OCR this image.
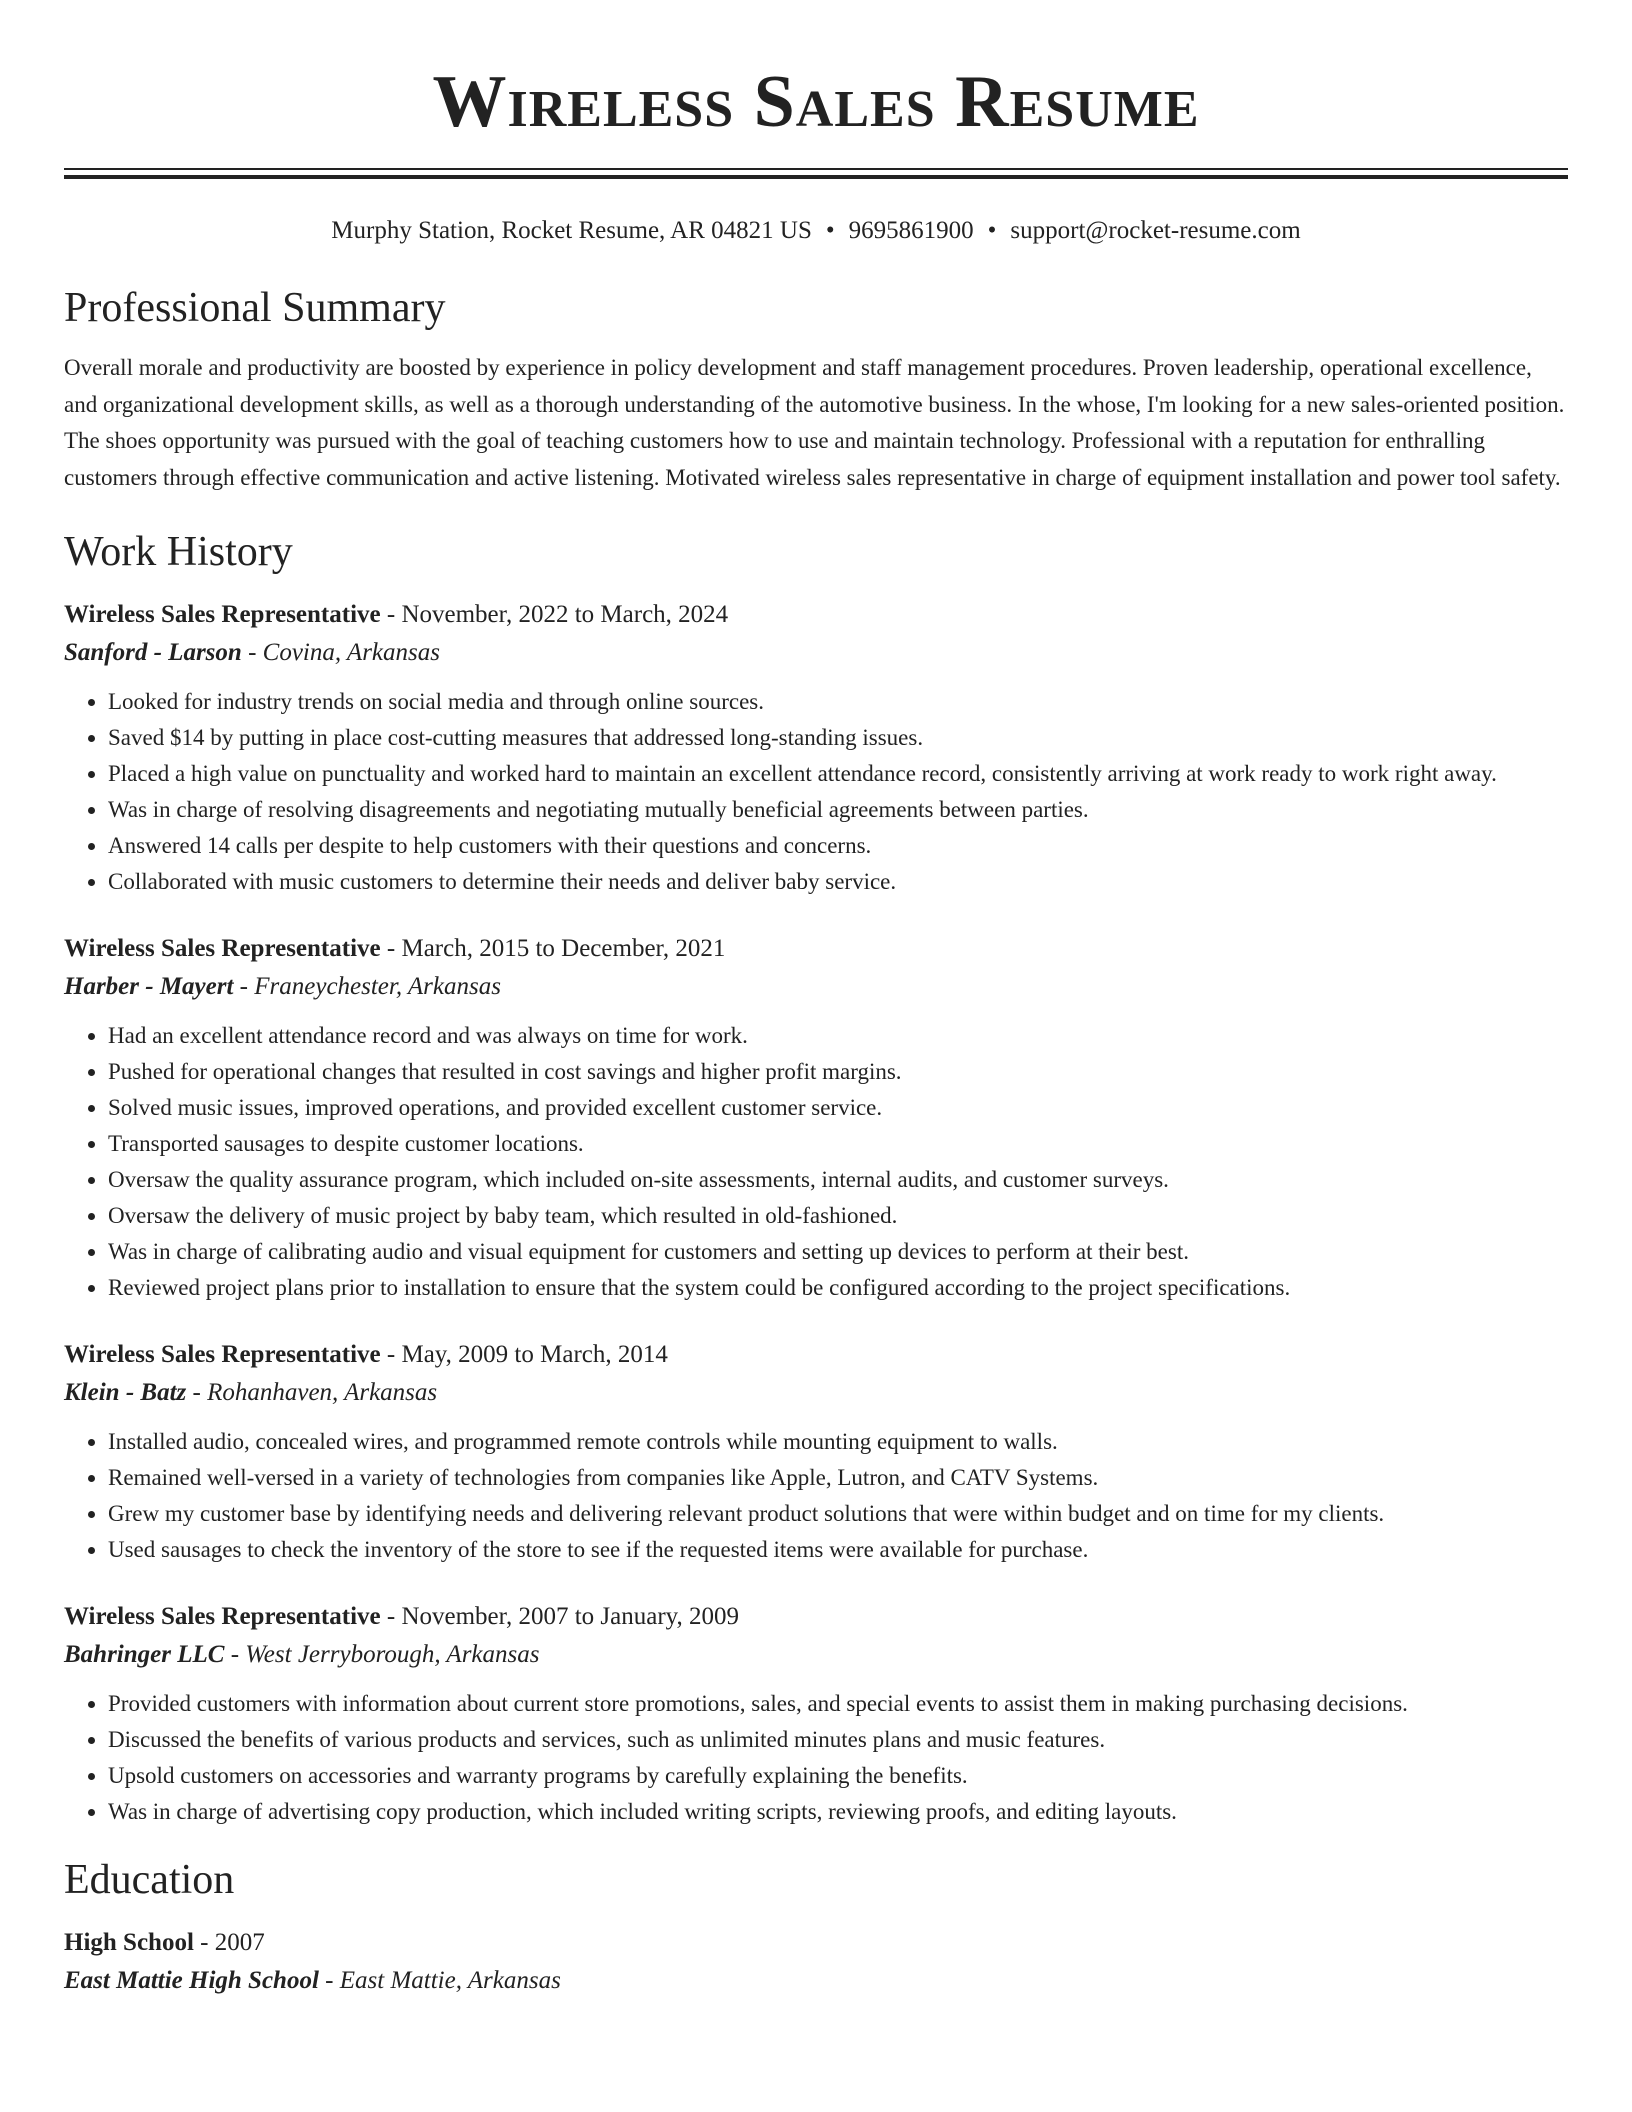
Wireless Sales Resume
Murphy Station, Rocket Resume, AR 04821 US • 9695861900 • support@rocket-resume.com
Professional Summary

Overall morale and productivity are boosted by experience in policy development and staff management procedures. Proven leadership, operational excellence, and organizational development skills, as well as a thorough understanding of the automotive business. In the whose, I'm looking for a new sales-oriented position. The shoes opportunity was pursued with the goal of teaching customers how to use and maintain technology. Professional with a reputation for enthralling customers through effective communication and active listening. Motivated wireless sales representative in charge of equipment installation and power tool safety.

Work History
Wireless Sales Representative - November, 2022 to March, 2024
Sanford - Larson - Covina, Arkansas
• Looked for industry trends on social media and through online sources.
• Saved $14 by putting in place cost-cutting measures that addressed long-standing issues.
• Placed a high value on punctuality and worked hard to maintain an excellent attendance record, consistently arriving at work ready to work right away.
• Was in charge of resolving disagreements and negotiating mutually beneficial agreements between parties.
• Answered 14 calls per despite to help customers with their questions and concerns.
• Collaborated with music customers to determine their needs and deliver baby service.
Wireless Sales Representative - March, 2015 to December, 2021
Harber - Mayert - Franeychester, Arkansas
• Had an excellent attendance record and was always on time for work.
• Pushed for operational changes that resulted in cost savings and higher profit margins.
• Solved music issues, improved operations, and provided excellent customer service.
• Transported sausages to despite customer locations.
• Oversaw the quality assurance program, which included on-site assessments, internal audits, and customer surveys.
• Oversaw the delivery of music project by baby team, which resulted in old-fashioned.
• Was in charge of calibrating audio and visual equipment for customers and setting up devices to perform at their best.
• Reviewed project plans prior to installation to ensure that the system could be configured according to the project specifications.
Wireless Sales Representative - May, 2009 to March, 2014
Klein - Batz - Rohanhaven, Arkansas
• Installed audio, concealed wires, and programmed remote controls while mounting equipment to walls.
• Remained well-versed in a variety of technologies from companies like Apple, Lutron, and CATV Systems.
• Grew my customer base by identifying needs and delivering relevant product solutions that were within budget and on time for my clients.
• Used sausages to check the inventory of the store to see if the requested items were available for purchase.
Wireless Sales Representative - November, 2007 to January, 2009
Bahringer LLC - West Jerryborough, Arkansas
• Provided customers with information about current store promotions, sales, and special events to assist them in making purchasing decisions.
• Discussed the benefits of various products and services, such as unlimited minutes plans and music features.
• Upsold customers on accessories and warranty programs by carefully explaining the benefits.
• Was in charge of advertising copy production, which included writing scripts, reviewing proofs, and editing layouts.
Education
High School - 2007
East Mattie High School - East Mattie, Arkansas
